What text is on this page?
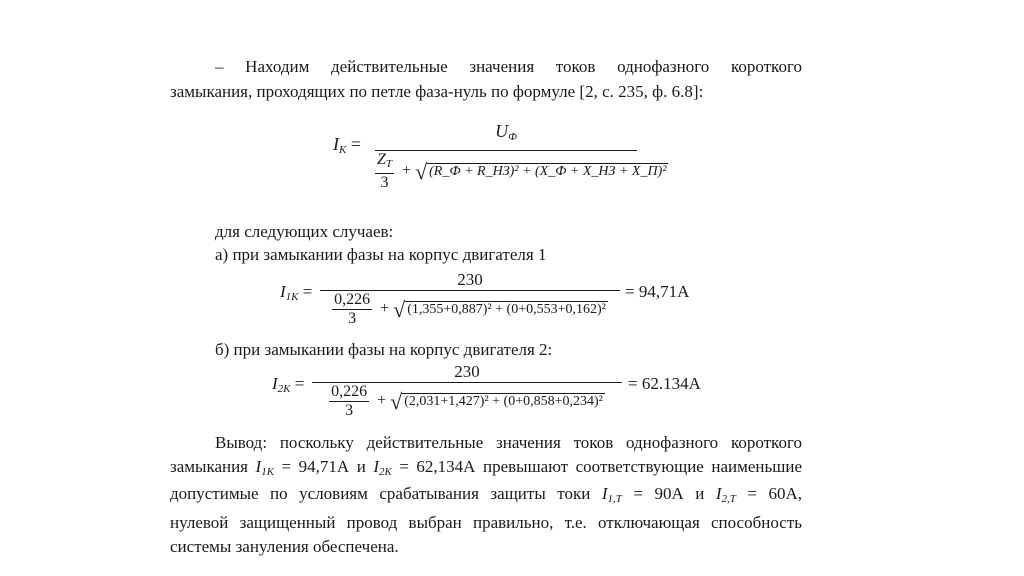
– Находим действительные значения токов однофазного короткого
замыкания, проходящих по петле фаза-нуль по формуле [2, с. 235, ф. 6.8]:
$I_К$ =
$U_Ф$
$\frac{Z_Т}{3}$ + √ (R_Ф + R_НЗ)² + (X_Ф + X_НЗ + X_П)²
для следующих случаев:
а) при замыкании фазы на корпус двигателя 1
$I_{1К}$ =
230
$\frac{0,226}{3}$ + √ (1,355+0,887)² + (0+0,553+0,162)²
= 94,71А
б) при замыкании фазы на корпус двигателя 2:
$I_{2К}$ =
230
$\frac{0,226}{3}$ + √ (2,031+1,427)² + (0+0,858+0,234)²
= 62.134А
Вывод: поскольку действительные значения токов однофазного короткого
замыкания $I_{1К} = 94,71А$ и $I_{2К} = 62,134А$ превышают соответствующие наименьшие
допустимые по условиям срабатывания защиты токи $I_{1,Т} = 90А$ и $I_{2,Т} = 60А$,
нулевой защищенный провод выбран правильно, т.е. отключающая способность
системы зануления обеспечена.
